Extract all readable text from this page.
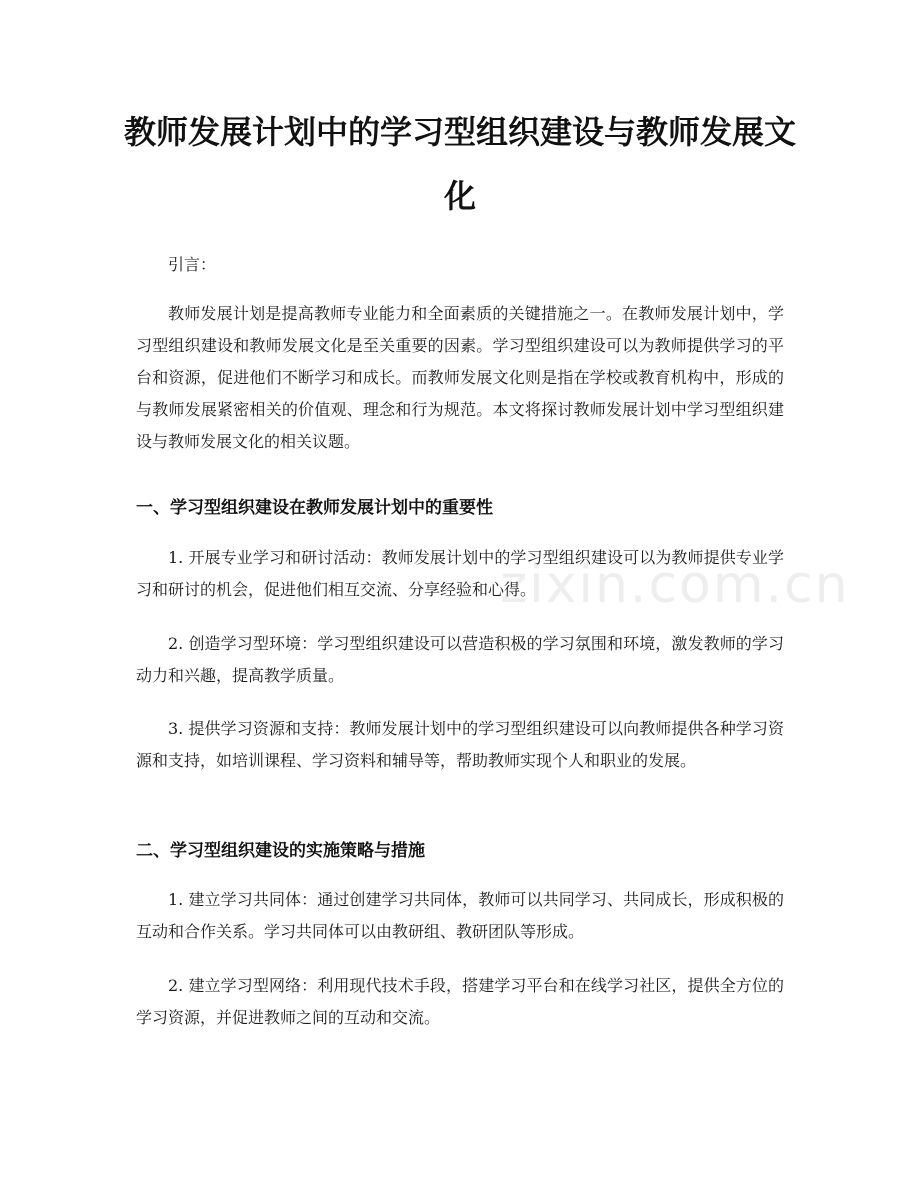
教师发展计划中的学习型组织建设与教师发展文化

引言：

教师发展计划是提高教师专业能力和全面素质的关键措施之一。在教师发展计划中，学习型组织建设和教师发展文化是至关重要的因素。学习型组织建设可以为教师提供学习的平台和资源，促进他们不断学习和成长。而教师发展文化则是指在学校或教育机构中，形成的与教师发展紧密相关的价值观、理念和行为规范。本文将探讨教师发展计划中学习型组织建设与教师发展文化的相关议题。

一、学习型组织建设在教师发展计划中的重要性

1. 开展专业学习和研讨活动：教师发展计划中的学习型组织建设可以为教师提供专业学习和研讨的机会，促进他们相互交流、分享经验和心得。

2. 创造学习型环境：学习型组织建设可以营造积极的学习氛围和环境，激发教师的学习动力和兴趣，提高教学质量。

3. 提供学习资源和支持：教师发展计划中的学习型组织建设可以向教师提供各种学习资源和支持，如培训课程、学习资料和辅导等，帮助教师实现个人和职业的发展。

二、学习型组织建设的实施策略与措施

1. 建立学习共同体：通过创建学习共同体，教师可以共同学习、共同成长，形成积极的互动和合作关系。学习共同体可以由教研组、教研团队等形成。

2. 建立学习型网络：利用现代技术手段，搭建学习平台和在线学习社区，提供全方位的学习资源，并促进教师之间的互动和交流。

zixin.com.cn
